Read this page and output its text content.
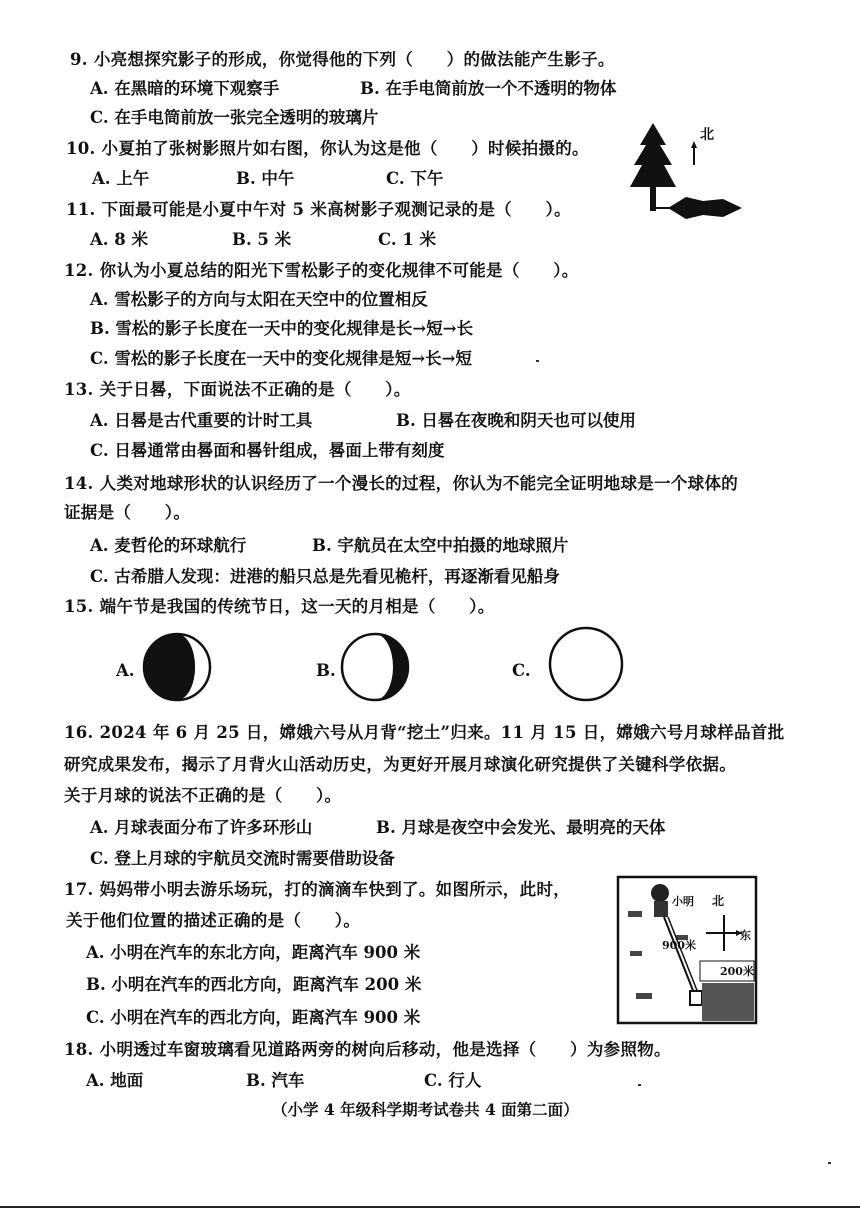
9. 小亮想探究影子的形成，你觉得他的下列（　　）的做法能产生影子。
A. 在黑暗的环境下观察手	B. 在手电筒前放一个不透明的物体
C. 在手电筒前放一张完全透明的玻璃片
10. 小夏拍了张树影照片如右图，你认为这是他（　　）时候拍摄的。
A. 上午	B. 中午	C. 下午
北
11. 下面最可能是小夏中午对 5 米高树影子观测记录的是（　　）。
A. 8 米	B. 5 米	C. 1 米
12. 你认为小夏总结的阳光下雪松影子的变化规律不可能是（　　）。
A. 雪松影子的方向与太阳在天空中的位置相反
B. 雪松的影子长度在一天中的变化规律是长→短→长
C. 雪松的影子长度在一天中的变化规律是短→长→短
13. 关于日晷，下面说法不正确的是（　　）。
A. 日晷是古代重要的计时工具	B. 日晷在夜晚和阴天也可以使用
C. 日晷通常由晷面和晷针组成，晷面上带有刻度
14. 人类对地球形状的认识经历了一个漫长的过程，你认为不能完全证明地球是一个球体的
证据是（　　）。
A. 麦哲伦的环球航行	B. 宇航员在太空中拍摄的地球照片
C. 古希腊人发现：进港的船只总是先看见桅杆，再逐渐看见船身
15. 端午节是我国的传统节日，这一天的月相是（　　）。
A.	B.	C.
16. 2024 年 6 月 25 日，嫦娥六号从月背“挖土”归来。11 月 15 日，嫦娥六号月球样品首批
研究成果发布，揭示了月背火山活动历史，为更好开展月球演化研究提供了关键科学依据。
关于月球的说法不正确的是（　　）。
A. 月球表面分布了许多环形山	B. 月球是夜空中会发光、最明亮的天体
C. 登上月球的宇航员交流时需要借助设备
17. 妈妈带小明去游乐场玩，打的滴滴车快到了。如图所示，此时，
关于他们位置的描述正确的是（　　）。
A. 小明在汽车的东北方向，距离汽车 900 米
B. 小明在汽车的西北方向，距离汽车 200 米
C. 小明在汽车的西北方向，距离汽车 900 米
北
东
小明
900米
200米
18. 小明透过车窗玻璃看见道路两旁的树向后移动，他是选择（　　）为参照物。
A. 地面	B. 汽车	C. 行人
（小学 4 年级科学期考试卷共 4 面第二面）
